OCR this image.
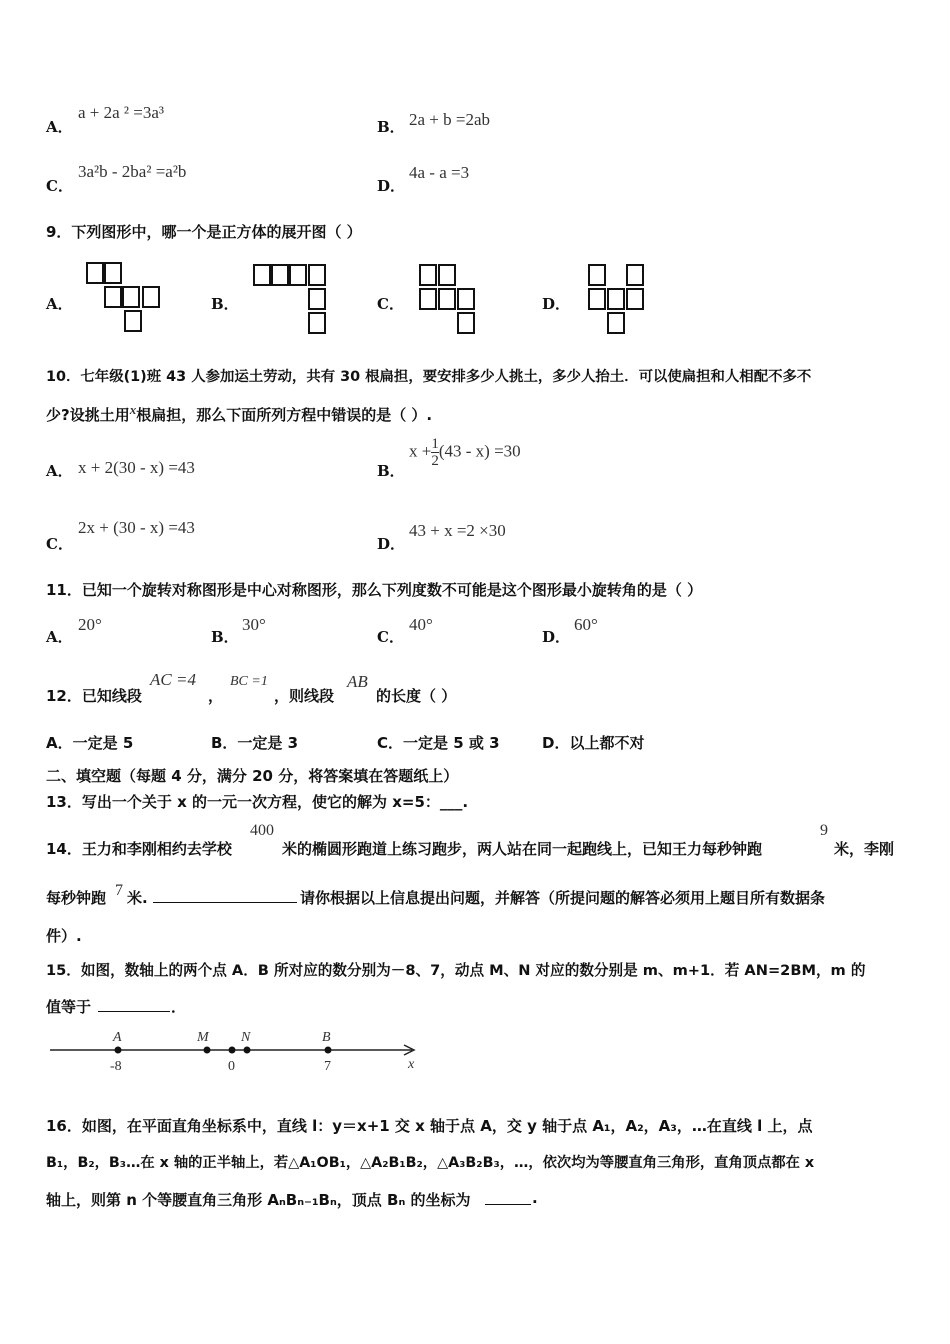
A．
a + 2a ² =3a³
B． 2a + b =2ab
C．
3a²b - 2ba² =a²b
D．
4a - a =3
9．下列图形中，哪一个是正方体的展开图（ ）
A．	B．	C．	D．
10．七年级(1)班 43 人参加运土劳动，共有 30 根扁担，要安排多少人挑土，多少人抬土．可以使扁担和人相配不多不
少?设挑土用x根扁担，那么下面所列方程中错误的是（ ）.
A． x + 2(30 - x) =43	B．
$x + \frac{1}{2} (43 - x) =30$
C．
2x + (30 - x) =43
D．
43 + x =2 ×30
11．已知一个旋转对称图形是中心对称图形，那么下列度数不可能是这个图形最小旋转角的是（ ）
A．
20°
B．
30°
C．
40°
D．
60°
12．已知线段
AC =4
，
BC =1
，则线段
AB
的长度（ ）
A．一定是 5	B．一定是 3	C．一定是 5 或 3	D．以上都不对
二、填空题（每题 4 分，满分 20 分，将答案填在答题纸上）
13．写出一个关于 x 的一元一次方程，使它的解为 x=5：___.
14．王力和李刚相约去学校
400
米的椭圆形跑道上练习跑步，两人站在同一起跑线上，已知王力每秒钟跑
9
米，李刚
每秒钟跑 7 米.	请你根据以上信息提出问题，并解答（所提问题的解答必须用上题目所有数据条
件）.
15．如图，数轴上的两个点 A．B 所对应的数分别为－8、7，动点 M、N 对应的数分别是 m、m+1．若 AN=2BM，m 的
值等于	．
A	M N	B
x
-8	0	7
16．如图，在平面直角坐标系中，直线 l：y＝x+1 交 x 轴于点 A，交 y 轴于点 A₁，A₂，A₃，…在直线 l 上，点
B₁，B₂，B₃…在 x 轴的正半轴上，若△A₁OB₁，△A₂B₁B₂，△A₃B₂B₃，…，依次均为等腰直角三角形，直角顶点都在 x
轴上，则第 n 个等腰直角三角形 AₙBₙ₋₁Bₙ，顶点 Bₙ 的坐标为	.
